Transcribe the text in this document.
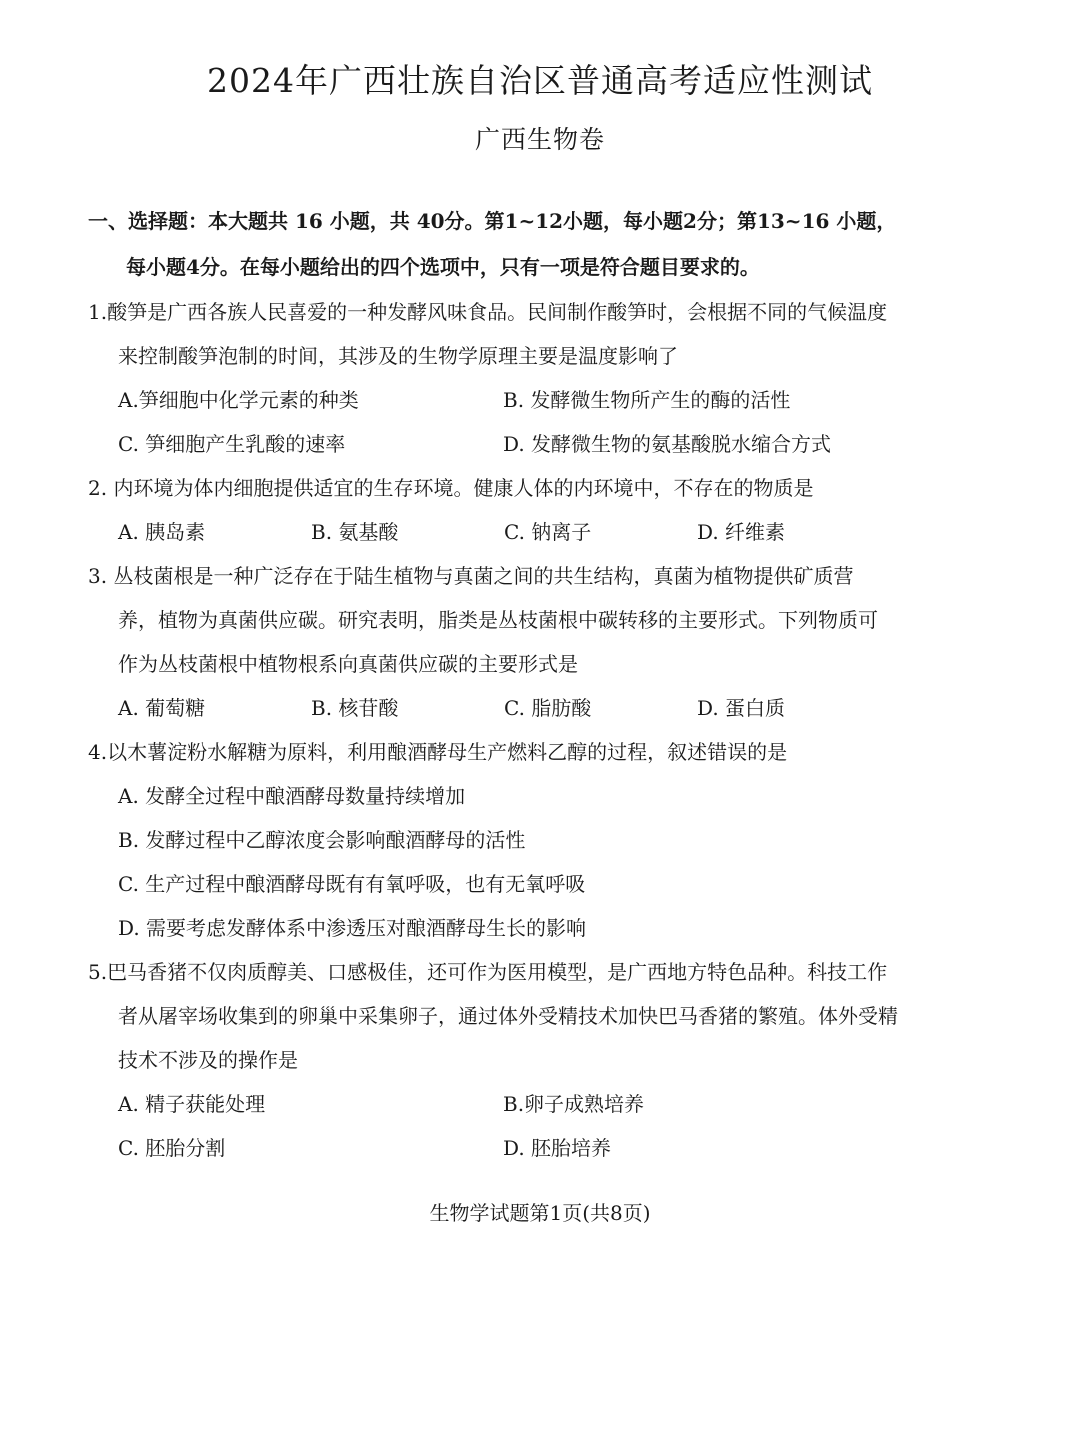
2024年广西壮族自治区普通高考适应性测试
广西生物卷
一、选择题：本大题共 16 小题，共 40分。第1~12小题，每小题2分；第13~16 小题，
每小题4分。在每小题给出的四个选项中，只有一项是符合题目要求的。
1.酸笋是广西各族人民喜爱的一种发酵风味食品。民间制作酸笋时，会根据不同的气候温度
来控制酸笋泡制的时间，其涉及的生物学原理主要是温度影响了
A.笋细胞中化学元素的种类	B. 发酵微生物所产生的酶的活性
C. 笋细胞产生乳酸的速率	D. 发酵微生物的氨基酸脱水缩合方式
2. 内环境为体内细胞提供适宜的生存环境。健康人体的内环境中，不存在的物质是
A. 胰岛素	B. 氨基酸	C. 钠离子	D. 纤维素
3. 丛枝菌根是一种广泛存在于陆生植物与真菌之间的共生结构，真菌为植物提供矿质营
养，植物为真菌供应碳。研究表明，脂类是丛枝菌根中碳转移的主要形式。下列物质可
作为丛枝菌根中植物根系向真菌供应碳的主要形式是
A. 葡萄糖	B. 核苷酸	C. 脂肪酸	D. 蛋白质
4.以木薯淀粉水解糖为原料，利用酿酒酵母生产燃料乙醇的过程，叙述错误的是
A. 发酵全过程中酿酒酵母数量持续增加
B. 发酵过程中乙醇浓度会影响酿酒酵母的活性
C. 生产过程中酿酒酵母既有有氧呼吸，也有无氧呼吸
D. 需要考虑发酵体系中渗透压对酿酒酵母生长的影响
5.巴马香猪不仅肉质醇美、口感极佳，还可作为医用模型，是广西地方特色品种。科技工作
者从屠宰场收集到的卵巢中采集卵子，通过体外受精技术加快巴马香猪的繁殖。体外受精
技术不涉及的操作是
A. 精子获能处理	B.卵子成熟培养
C. 胚胎分割	D. 胚胎培养
生物学试题第1页(共8页)
